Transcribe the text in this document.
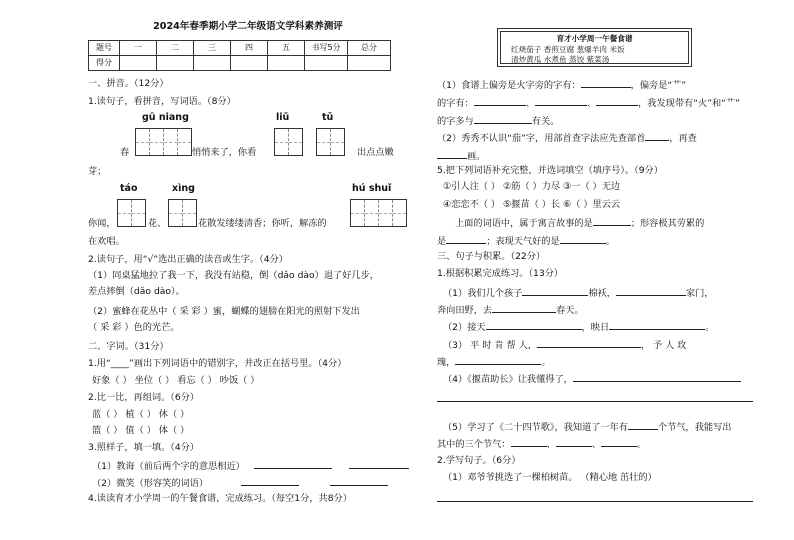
2024年春季期小学二年级语文学科素养测评
题号	一	二	三	四	五	书写5分	总分
得分							
一、拼音。（12分）
1.读句子，看拼音，写词语。（8分）
gū niang	liǔ	tǔ
春	悄悄来了，你看	出点点嫩
芽；
táo	xìng	hú shuǐ
你闻，	花、	花散发缕缕清香；你听，解冻的
在欢唱。
2.读句子，用“√”选出正确的读音或生字。（4分）
（1）同桌猛地拉了我一下，我没有站稳，倒（dǎo dào）退了好几步，
差点摔倒（dǎo dào）。
（2）蜜蜂在花丛中（ 采 彩 ）蜜，蝴蝶的翅膀在阳光的照射下发出
（ 采 彩 ）色的光芒。
二、字词。（31分）
1.用“____”画出下列词语中的错别字，并改正在括号里。（4分）
好象（ ） 坐位（ ） 看忘（ ） 吵饭（ ）
2.比一比，再组词。（6分）
蓝（ ） 植（ ） 休（ ）
篮（ ） 值（ ） 体（ ）
3.照样子，填一填。（4分）
（1）教诲（前后两个字的意思相近）
（2）微笑（形容笑的词语）
4.读读育才小学周一的午餐食谱，完成练习。（每空1分，共8分）
育才小学周一午餐食谱
红烧茄子 香煎豆腐 葱爆羊肉 米饭
清炒黄瓜 水煮鱼 蒸饺 紫菜汤
（1）食谱上偏旁是火字旁的字有：	，偏旁是“艹”
的字有：	、	、	，我发现带有“火”和“艹”
的字多与	有关。
（2）秀秀不认识“茄”字，用部首查字法应先查部首	，再查
画。
5.把下列词语补充完整，并选词填空（填序号）。（9分）
①引人注（ ） ②筋（ ）力尽 ③一（ ）无边
④恋恋不（ ） ⑤揠苗（ ）长 ⑥（ ）里云云
上面的词语中，属于寓言故事的是	；形容极其劳累的
是	；表现天气好的是	。
三、句子与积累。（22分）
1.根据积累完成练习。（13分）
（1）我们几个孩子	棉袄，	家门，
奔向田野，去	春天。
（2）接天	，映日	。
（3） 平 时 肯 帮 人，	， 予 人 玫
瑰，	。
（4）《揠苗助长》让我懂得了，
（5）学习了《二十四节歌》，我知道了一年有	个节气，我能写出
其中的三个节气：	、	、	。
2.学写句子。（6分）
（1）邓爷爷挑选了一棵柏树苗。 （精心地 茁壮的）
